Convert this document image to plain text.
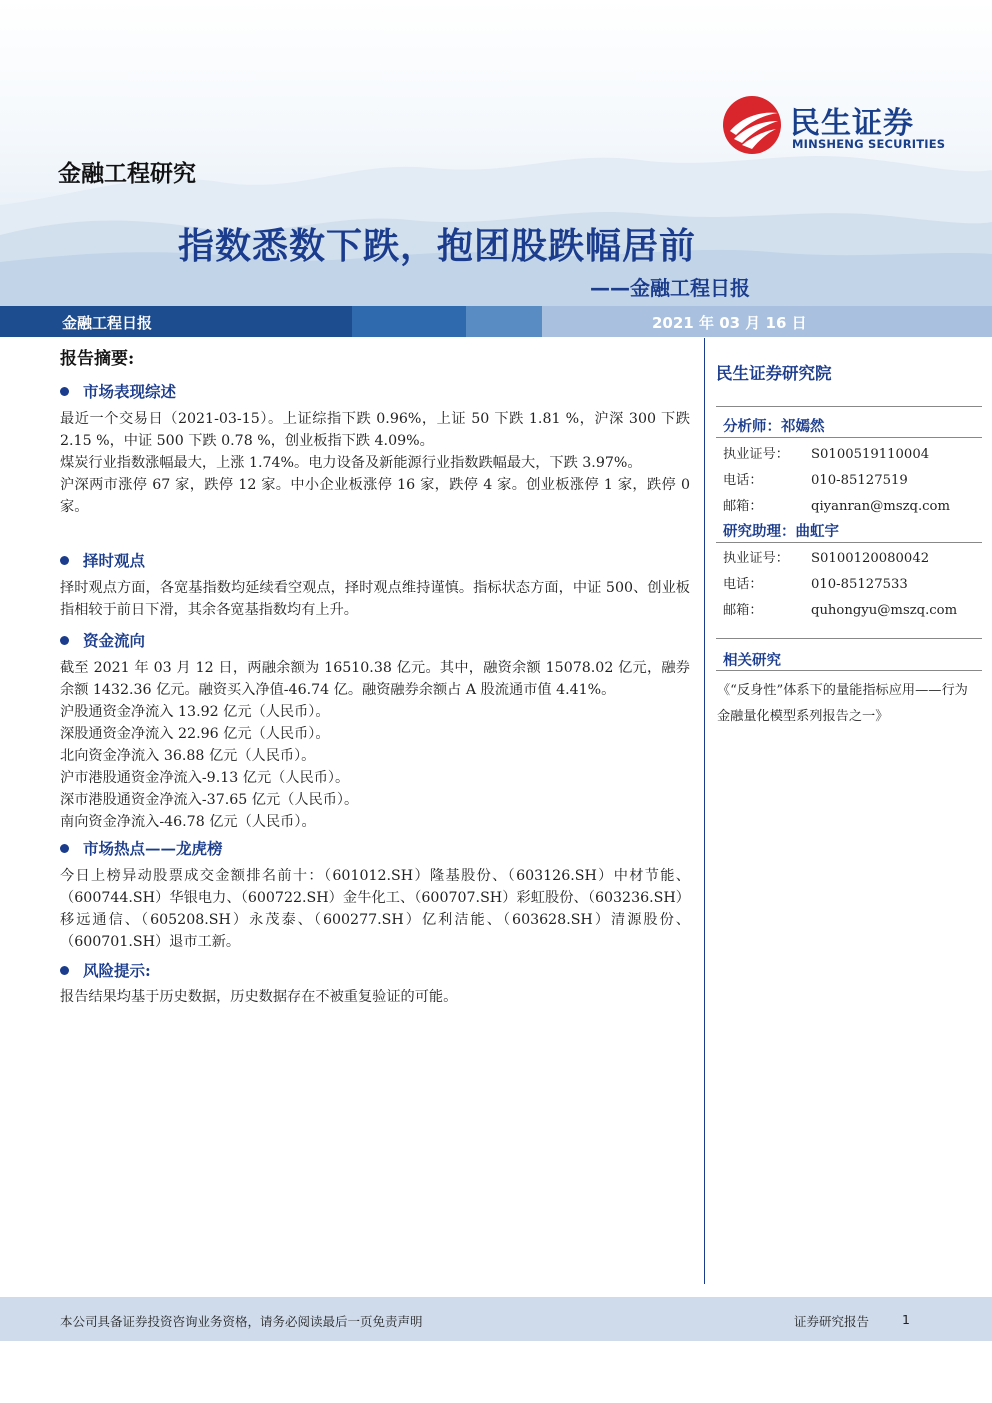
民生证券
MINSHENG SECURITIES
金融工程研究
指数悉数下跌，抱团股跌幅居前
——金融工程日报
金融工程日报	2021 年 03 月 16 日
报告摘要:
市场表现综述

最近一个交易日（2021-03-15）。上证综指下跌 0.96%，上证 50 下跌 1.81 %，沪深 300 下跌 2.15 %，中证 500 下跌 0.78 %，创业板指下跌 4.09%。

煤炭行业指数涨幅最大，上涨 1.74%。电力设备及新能源行业指数跌幅最大，下跌 3.97%。

沪深两市涨停 67 家，跌停 12 家。中小企业板涨停 16 家，跌停 4 家。创业板涨停 1 家，跌停 0 家。

择时观点

择时观点方面，各宽基指数均延续看空观点，择时观点维持谨慎。指标状态方面，中证 500、创业板指相较于前日下滑，其余各宽基指数均有上升。

资金流向

截至 2021 年 03 月 12 日，两融余额为 16510.38 亿元。其中，融资余额 15078.02 亿元，融券余额 1432.36 亿元。融资买入净值-46.74 亿。融资融券余额占 A 股流通市值 4.41%。

沪股通资金净流入 13.92 亿元（人民币）。

深股通资金净流入 22.96 亿元（人民币）。

北向资金净流入 36.88 亿元（人民币）。

沪市港股通资金净流入-9.13 亿元（人民币）。

深市港股通资金净流入-37.65 亿元（人民币）。

南向资金净流入-46.78 亿元（人民币）。

市场热点——龙虎榜

今日上榜异动股票成交金额排名前十：（601012.SH）隆基股份、（603126.SH）中材节能、（600744.SH）华银电力、（600722.SH）金牛化工、（600707.SH）彩虹股份、（603236.SH）移远通信、（605208.SH）永茂泰、（600277.SH）亿利洁能、（603628.SH）清源股份、（600701.SH）退市工新。

风险提示:

报告结果均基于历史数据，历史数据存在不被重复验证的可能。

民生证券研究院
分析师：祁嫣然
执业证号： S0100519110004
电话：	010-85127519
邮箱：	qiyanran@mszq.com
研究助理：曲虹宇
执业证号： S0100120080042
电话：	010-85127533
邮箱：	quhongyu@mszq.com
相关研究
《“反身性”体系下的量能指标应用——行为金融量化模型系列报告之一》
本公司具备证券投资咨询业务资格，请务必阅读最后一页免责声明	证券研究报告	1
